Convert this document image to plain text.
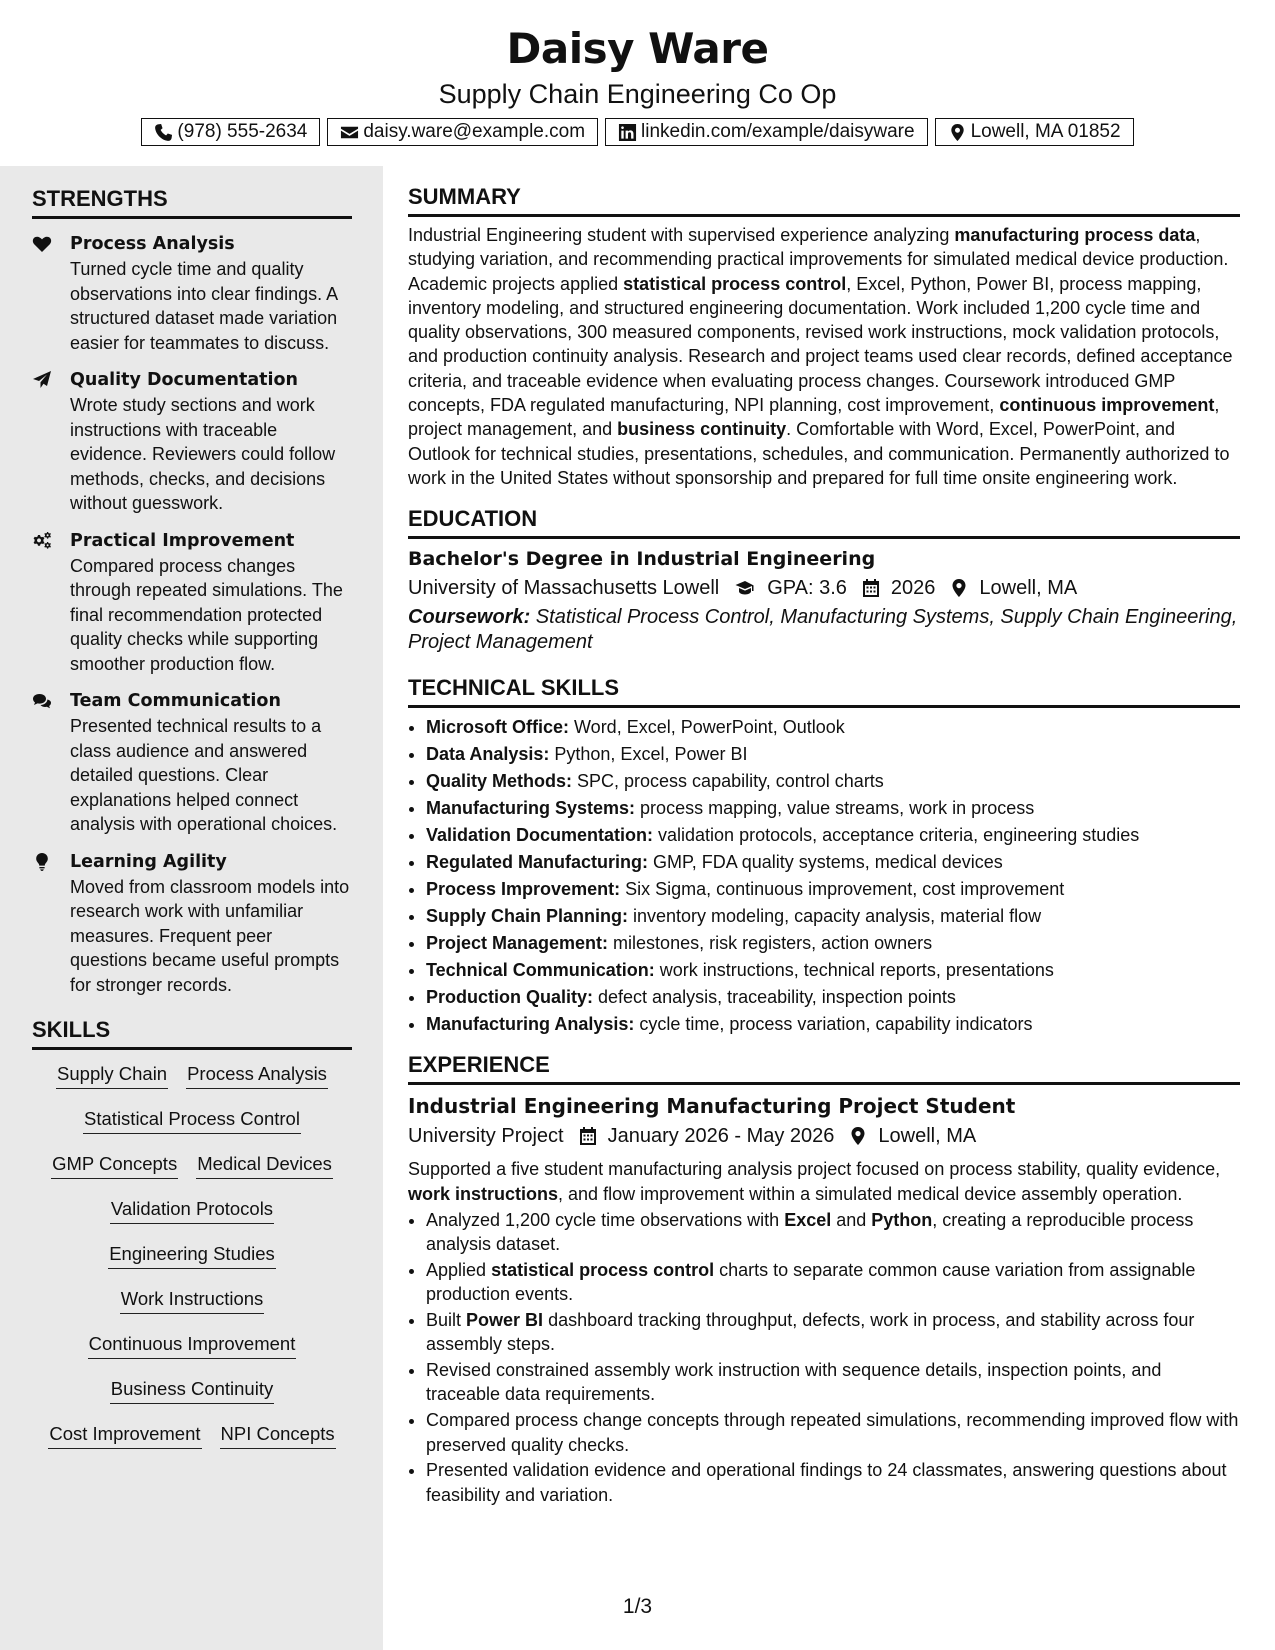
Daisy Ware
Supply Chain Engineering Co Op
(978) 555-2634	daisy.ware@example.com	linkedin.com/example/daisyware	Lowell, MA 01852
STRENGTHS
Process Analysis
Turned cycle time and quality observations into clear findings. A structured dataset made variation easier for teammates to discuss.
Quality Documentation
Wrote study sections and work instructions with traceable evidence. Reviewers could follow methods, checks, and decisions without guesswork.
Practical Improvement
Compared process changes through repeated simulations. The final recommendation protected quality checks while supporting smoother production flow.
Team Communication
Presented technical results to a class audience and answered detailed questions. Clear explanations helped connect analysis with operational choices.
Learning Agility
Moved from classroom models into research work with unfamiliar measures. Frequent peer questions became useful prompts for stronger records.
SKILLS
Supply Chain Process Analysis
Statistical Process Control
GMP Concepts Medical Devices
Validation Protocols
Engineering Studies
Work Instructions
Continuous Improvement
Business Continuity
Cost Improvement NPI Concepts
SUMMARY
Industrial Engineering student with supervised experience analyzing manufacturing process data, studying variation, and recommending practical improvements for simulated medical device production. Academic projects applied statistical process control, Excel, Python, Power BI, process mapping, inventory modeling, and structured engineering documentation. Work included 1,200 cycle time and quality observations, 300 measured components, revised work instructions, mock validation protocols, and production continuity analysis. Research and project teams used clear records, defined acceptance criteria, and traceable evidence when evaluating process changes. Coursework introduced GMP concepts, FDA regulated manufacturing, NPI planning, cost improvement, continuous improvement, project management, and business continuity. Comfortable with Word, Excel, PowerPoint, and Outlook for technical studies, presentations, schedules, and communication. Permanently authorized to work in the United States without sponsorship and prepared for full time onsite engineering work.
EDUCATION
Bachelor's Degree in Industrial Engineering
University of Massachusetts Lowell GPA: 3.6 2026 Lowell, MA
Coursework: Statistical Process Control, Manufacturing Systems, Supply Chain Engineering, Project Management
TECHNICAL SKILLS
• Microsoft Office: Word, Excel, PowerPoint, Outlook
• Data Analysis: Python, Excel, Power BI
• Quality Methods: SPC, process capability, control charts
• Manufacturing Systems: process mapping, value streams, work in process
• Validation Documentation: validation protocols, acceptance criteria, engineering studies
• Regulated Manufacturing: GMP, FDA quality systems, medical devices
• Process Improvement: Six Sigma, continuous improvement, cost improvement
• Supply Chain Planning: inventory modeling, capacity analysis, material flow
• Project Management: milestones, risk registers, action owners
• Technical Communication: work instructions, technical reports, presentations
• Production Quality: defect analysis, traceability, inspection points
• Manufacturing Analysis: cycle time, process variation, capability indicators
EXPERIENCE
Industrial Engineering Manufacturing Project Student
University Project January 2026 - May 2026 Lowell, MA
Supported a five student manufacturing analysis project focused on process stability, quality evidence, work instructions, and flow improvement within a simulated medical device assembly operation.
• Analyzed 1,200 cycle time observations with Excel and Python, creating a reproducible process analysis dataset.
• Applied statistical process control charts to separate common cause variation from assignable production events.
• Built Power BI dashboard tracking throughput, defects, work in process, and stability across four assembly steps.
• Revised constrained assembly work instruction with sequence details, inspection points, and traceable data requirements.
• Compared process change concepts through repeated simulations, recommending improved flow with preserved quality checks.
• Presented validation evidence and operational findings to 24 classmates, answering questions about feasibility and variation.
1/3
